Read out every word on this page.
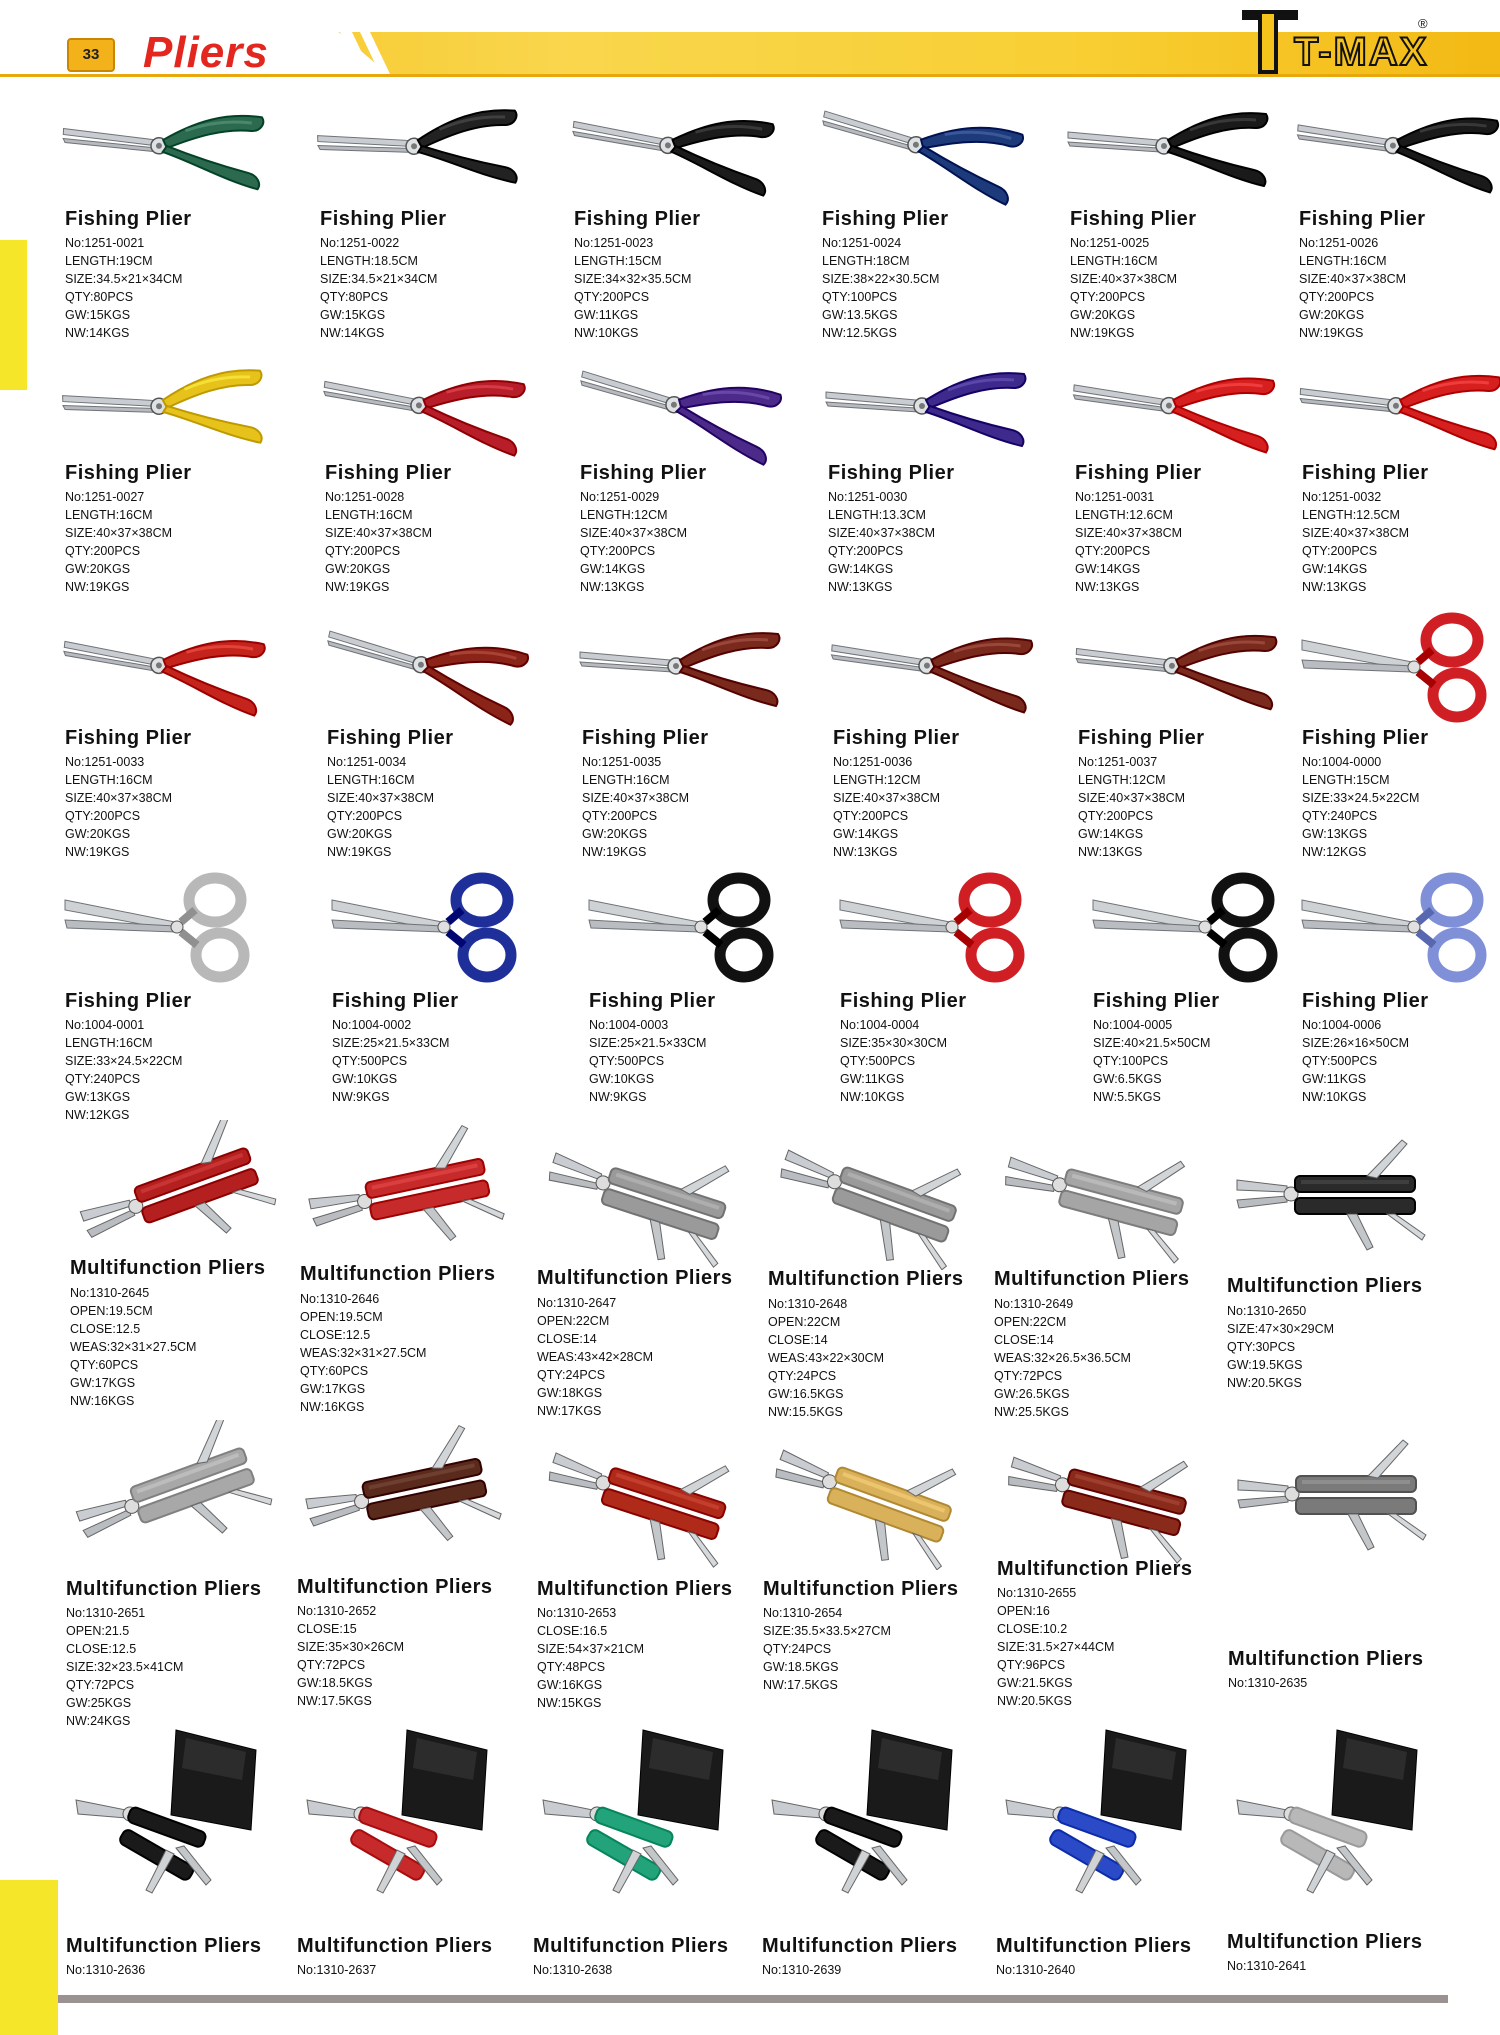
33 Pliers	T-MAX
®
Fishing Plier
No:1251-0021
LENGTH:19CM
SIZE:34.5×21×34CM
QTY:80PCS
GW:15KGS
NW:14KGS
Fishing Plier
No:1251-0022
LENGTH:18.5CM
SIZE:34.5×21×34CM
QTY:80PCS
GW:15KGS
NW:14KGS
Fishing Plier
No:1251-0023
LENGTH:15CM
SIZE:34×32×35.5CM
QTY:200PCS
GW:11KGS
NW:10KGS
Fishing Plier
No:1251-0024
LENGTH:18CM
SIZE:38×22×30.5CM
QTY:100PCS
GW:13.5KGS
NW:12.5KGS
Fishing Plier
No:1251-0025
LENGTH:16CM
SIZE:40×37×38CM
QTY:200PCS
GW:20KGS
NW:19KGS
Fishing Plier
No:1251-0026
LENGTH:16CM
SIZE:40×37×38CM
QTY:200PCS
GW:20KGS
NW:19KGS
Fishing Plier
No:1251-0027
LENGTH:16CM
SIZE:40×37×38CM
QTY:200PCS
GW:20KGS
NW:19KGS
Fishing Plier
No:1251-0028
LENGTH:16CM
SIZE:40×37×38CM
QTY:200PCS
GW:20KGS
NW:19KGS
Fishing Plier
No:1251-0029
LENGTH:12CM
SIZE:40×37×38CM
QTY:200PCS
GW:14KGS
NW:13KGS
Fishing Plier
No:1251-0030
LENGTH:13.3CM
SIZE:40×37×38CM
QTY:200PCS
GW:14KGS
NW:13KGS
Fishing Plier
No:1251-0031
LENGTH:12.6CM
SIZE:40×37×38CM
QTY:200PCS
GW:14KGS
NW:13KGS
Fishing Plier
No:1251-0032
LENGTH:12.5CM
SIZE:40×37×38CM
QTY:200PCS
GW:14KGS
NW:13KGS
Fishing Plier
No:1251-0033
LENGTH:16CM
SIZE:40×37×38CM
QTY:200PCS
GW:20KGS
NW:19KGS
Fishing Plier
No:1251-0034
LENGTH:16CM
SIZE:40×37×38CM
QTY:200PCS
GW:20KGS
NW:19KGS
Fishing Plier
No:1251-0035
LENGTH:16CM
SIZE:40×37×38CM
QTY:200PCS
GW:20KGS
NW:19KGS
Fishing Plier
No:1251-0036
LENGTH:12CM
SIZE:40×37×38CM
QTY:200PCS
GW:14KGS
NW:13KGS
Fishing Plier
No:1251-0037
LENGTH:12CM
SIZE:40×37×38CM
QTY:200PCS
GW:14KGS
NW:13KGS
Fishing Plier
No:1004-0000
LENGTH:15CM
SIZE:33×24.5×22CM
QTY:240PCS
GW:13KGS
NW:12KGS
Fishing Plier
No:1004-0001
LENGTH:16CM
SIZE:33×24.5×22CM
QTY:240PCS
GW:13KGS
NW:12KGS
Fishing Plier
No:1004-0002
SIZE:25×21.5×33CM
QTY:500PCS
GW:10KGS
NW:9KGS
Fishing Plier
No:1004-0003
SIZE:25×21.5×33CM
QTY:500PCS
GW:10KGS
NW:9KGS
Fishing Plier
No:1004-0004
SIZE:35×30×30CM
QTY:500PCS
GW:11KGS
NW:10KGS
Fishing Plier
No:1004-0005
SIZE:40×21.5×50CM
QTY:100PCS
GW:6.5KGS
NW:5.5KGS
Fishing Plier
No:1004-0006
SIZE:26×16×50CM
QTY:500PCS
GW:11KGS
NW:10KGS
Multifunction Pliers
No:1310-2645
OPEN:19.5CM
CLOSE:12.5
WEAS:32×31×27.5CM
QTY:60PCS
GW:17KGS
NW:16KGS
Multifunction Pliers
No:1310-2646
OPEN:19.5CM
CLOSE:12.5
WEAS:32×31×27.5CM
QTY:60PCS
GW:17KGS
NW:16KGS
Multifunction Pliers
No:1310-2647
OPEN:22CM
CLOSE:14
WEAS:43×42×28CM
QTY:24PCS
GW:18KGS
NW:17KGS
Multifunction Pliers
No:1310-2648
OPEN:22CM
CLOSE:14
WEAS:43×22×30CM
QTY:24PCS
GW:16.5KGS
NW:15.5KGS
Multifunction Pliers
No:1310-2649
OPEN:22CM
CLOSE:14
WEAS:32×26.5×36.5CM
QTY:72PCS
GW:26.5KGS
NW:25.5KGS
Multifunction Pliers
No:1310-2650
SIZE:47×30×29CM
QTY:30PCS
GW:19.5KGS
NW:20.5KGS
Multifunction Pliers
No:1310-2651
OPEN:21.5
CLOSE:12.5
SIZE:32×23.5×41CM
QTY:72PCS
GW:25KGS
NW:24KGS
Multifunction Pliers
No:1310-2652
CLOSE:15
SIZE:35×30×26CM
QTY:72PCS
GW:18.5KGS
NW:17.5KGS
Multifunction Pliers
No:1310-2653
CLOSE:16.5
SIZE:54×37×21CM
QTY:48PCS
GW:16KGS
NW:15KGS
Multifunction Pliers
No:1310-2654
SIZE:35.5×33.5×27CM
QTY:24PCS
GW:18.5KGS
NW:17.5KGS
Multifunction Pliers
No:1310-2655
OPEN:16
CLOSE:10.2
SIZE:31.5×27×44CM
QTY:96PCS
GW:21.5KGS
NW:20.5KGS
Multifunction Pliers
No:1310-2635
Multifunction Pliers
No:1310-2636
Multifunction Pliers
No:1310-2637
Multifunction Pliers
No:1310-2638
Multifunction Pliers
No:1310-2639
Multifunction Pliers
No:1310-2640
Multifunction Pliers
No:1310-2641
